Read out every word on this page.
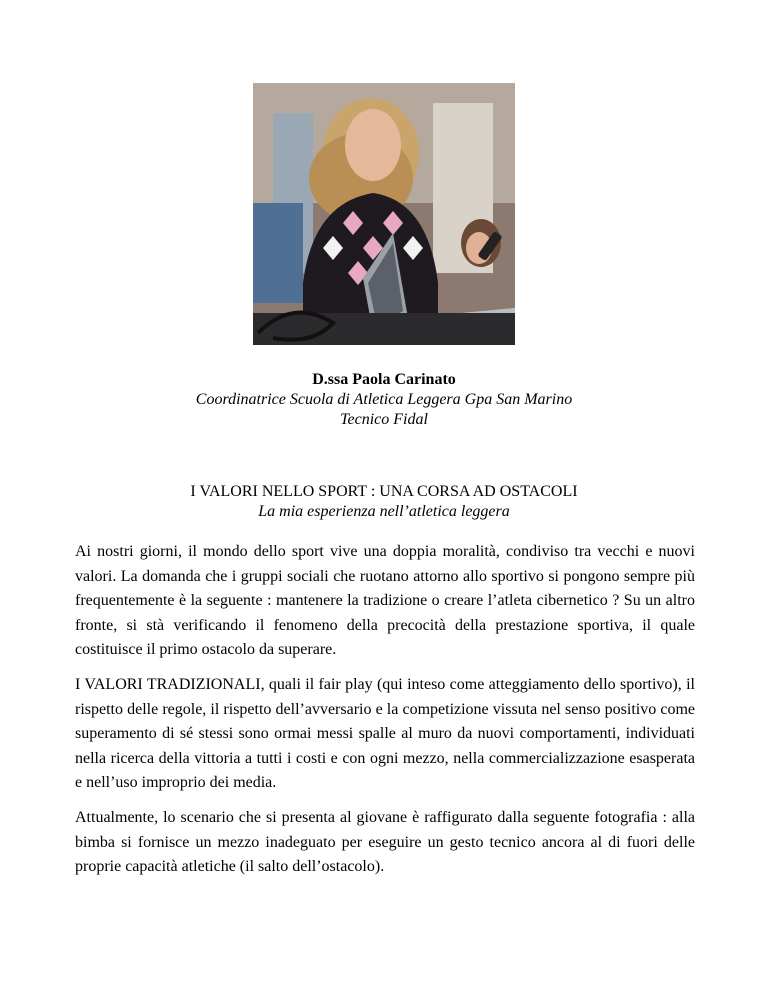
D.ssa Paola Carinato
Coordinatrice Scuola di Atletica Leggera Gpa San Marino
Tecnico Fidal
I VALORI NELLO SPORT : UNA CORSA AD OSTACOLI
La mia esperienza nell’atletica leggera

Ai nostri giorni, il mondo dello sport vive una doppia moralità, condiviso tra vecchi e nuovi valori. La domanda che i gruppi sociali che ruotano attorno allo sportivo si pongono sempre più frequentemente è la seguente : mantenere la tradizione o creare l’atleta cibernetico ? Su un altro fronte, si stà verificando il fenomeno della precocità della prestazione sportiva, il quale costituisce il primo ostacolo da superare.

I VALORI TRADIZIONALI, quali il fair play (qui inteso come atteggiamento dello sportivo), il rispetto delle regole, il rispetto dell’avversario e la competizione vissuta nel senso positivo come superamento di sé stessi sono ormai messi spalle al muro da nuovi comportamenti, individuati nella ricerca della vittoria a tutti i costi e con ogni mezzo, nella commercializzazione esasperata e nell’uso improprio dei media.

Attualmente, lo scenario che si presenta al giovane è raffigurato dalla seguente fotografia : alla bimba si fornisce un mezzo inadeguato per eseguire un gesto tecnico ancora al di fuori delle proprie capacità atletiche (il salto dell’ostacolo).
